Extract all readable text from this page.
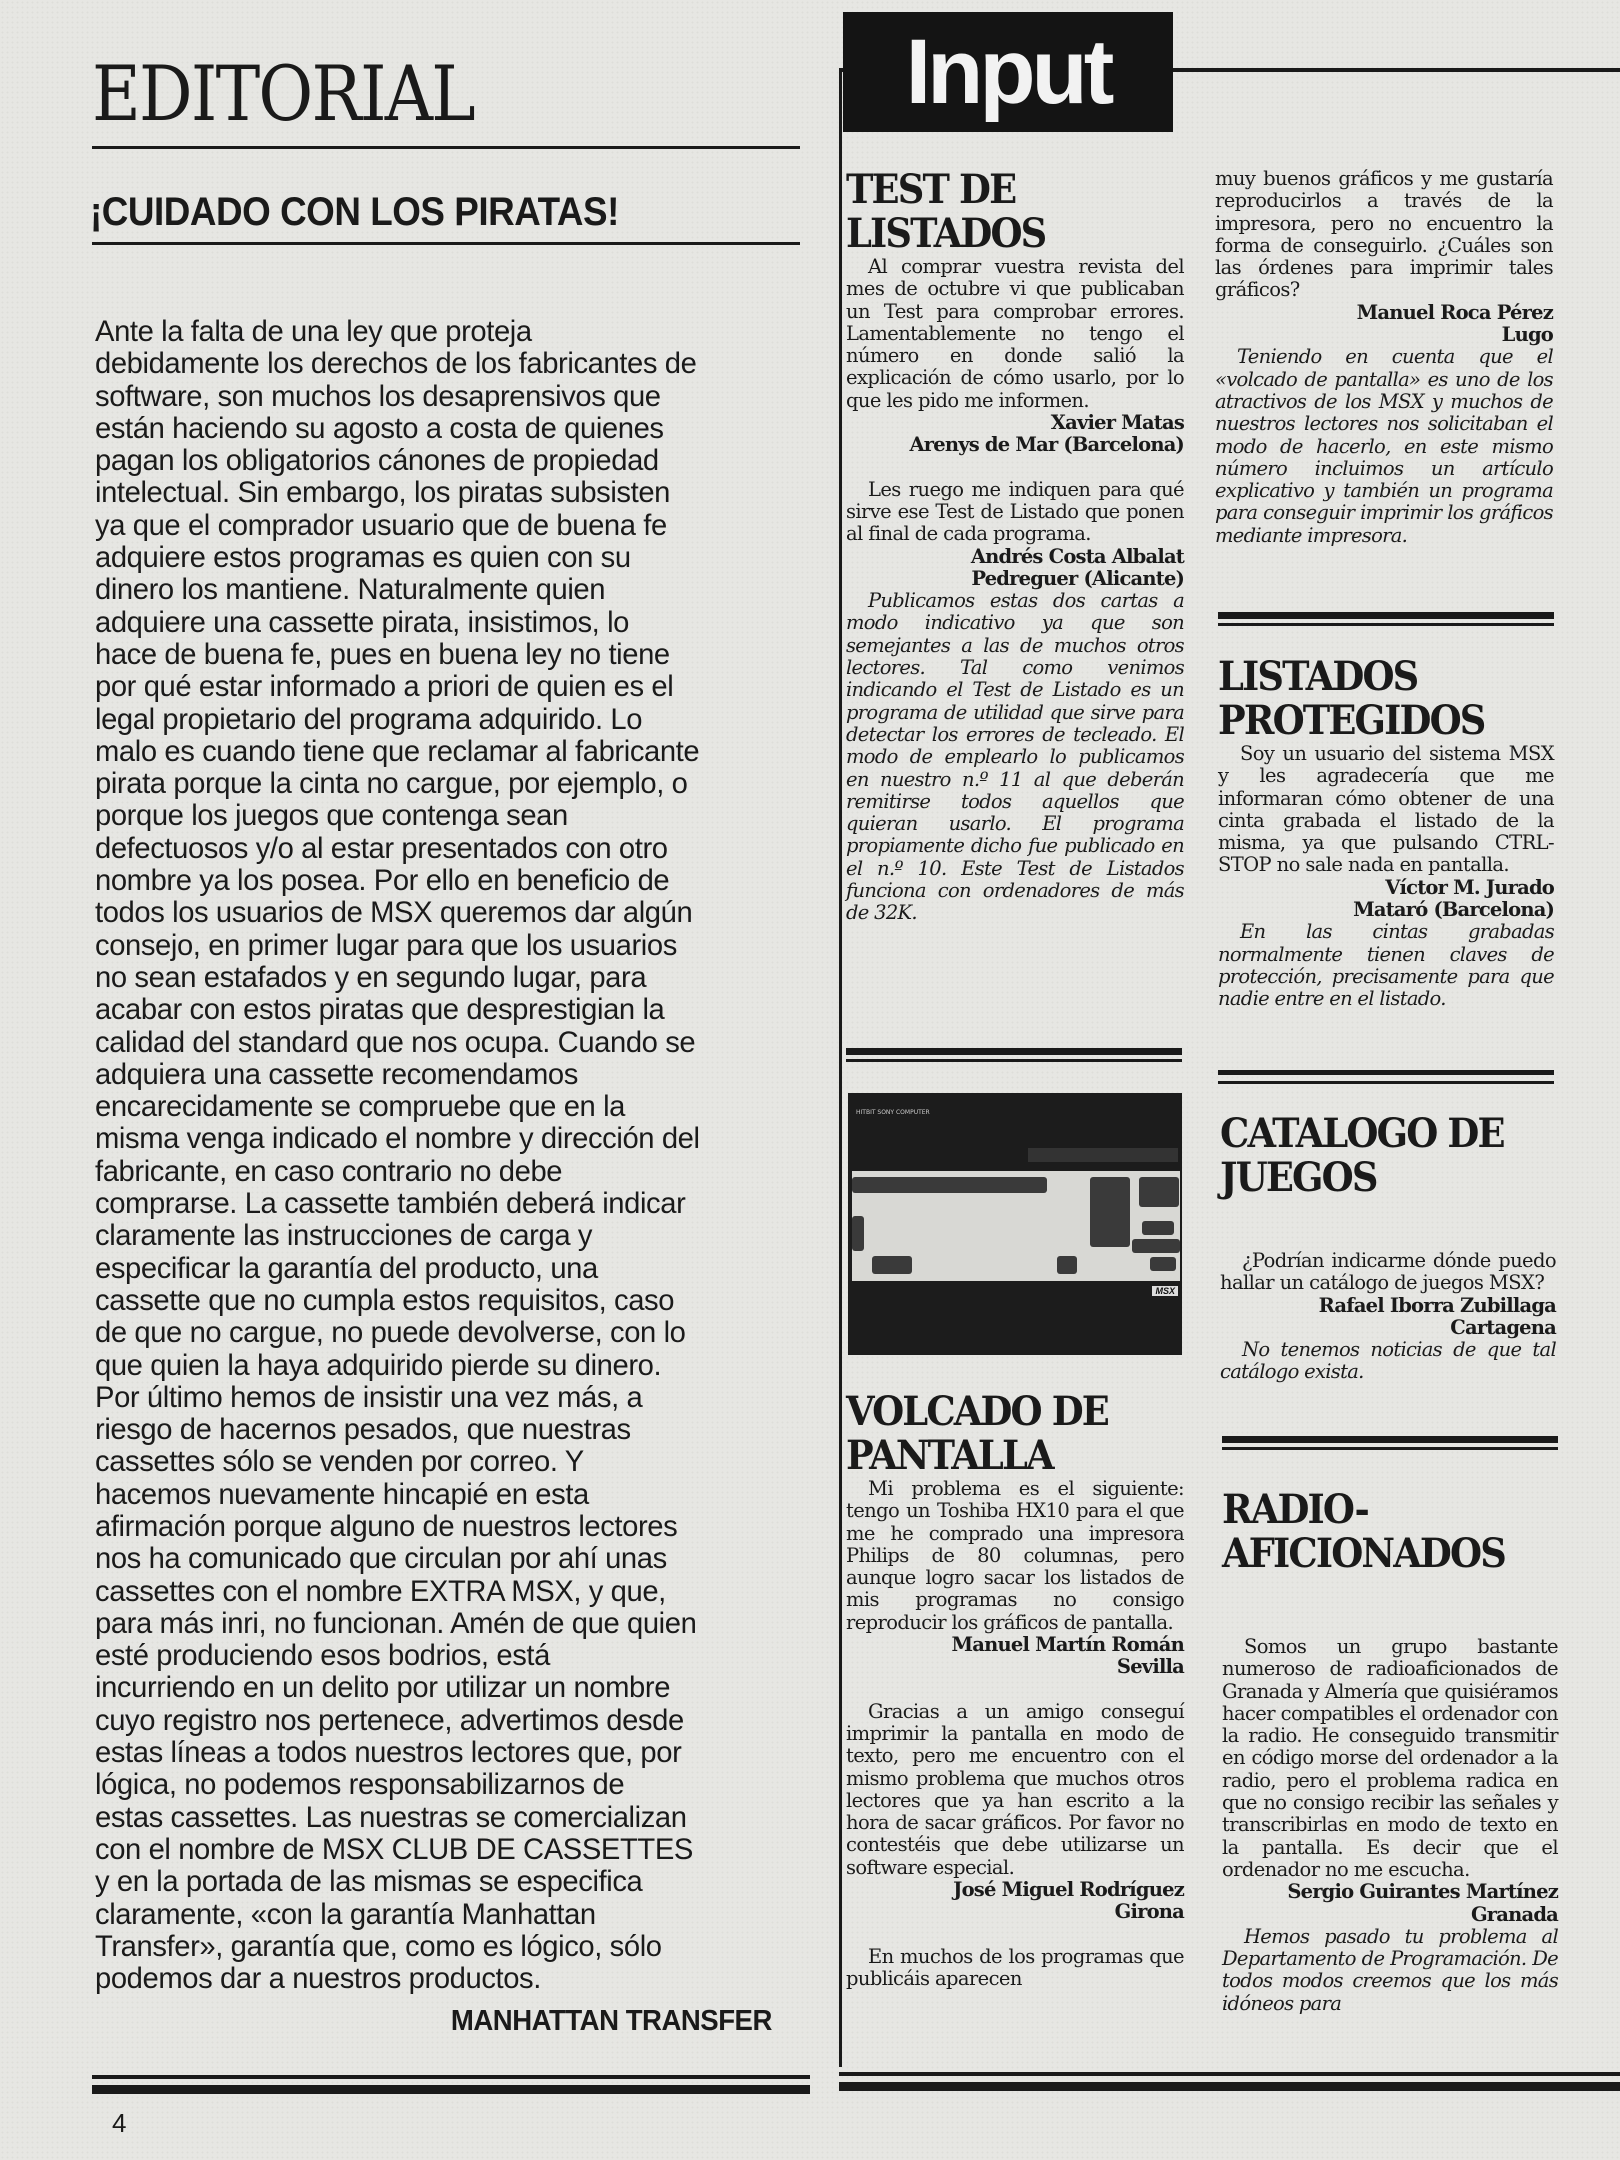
EDITORIAL
¡CUIDADO CON LOS PIRATAS!
Ante la falta de una ley que proteja
debidamente los derechos de los fabricantes de
software, son muchos los desaprensivos que
están haciendo su agosto a costa de quienes
pagan los obligatorios cánones de propiedad
intelectual. Sin embargo, los piratas subsisten
ya que el comprador usuario que de buena fe
adquiere estos programas es quien con su
dinero los mantiene. Naturalmente quien
adquiere una cassette pirata, insistimos, lo
hace de buena fe, pues en buena ley no tiene
por qué estar informado a priori de quien es el
legal propietario del programa adquirido. Lo
malo es cuando tiene que reclamar al fabricante
pirata porque la cinta no cargue, por ejemplo, o
porque los juegos que contenga sean
defectuosos y/o al estar presentados con otro
nombre ya los posea. Por ello en beneficio de
todos los usuarios de MSX queremos dar algún
consejo, en primer lugar para que los usuarios
no sean estafados y en segundo lugar, para
acabar con estos piratas que desprestigian la
calidad del standard que nos ocupa. Cuando se
adquiera una cassette recomendamos
encarecidamente se compruebe que en la
misma venga indicado el nombre y dirección del
fabricante, en caso contrario no debe
comprarse. La cassette también deberá indicar
claramente las instrucciones de carga y
especificar la garantía del producto, una
cassette que no cumpla estos requisitos, caso
de que no cargue, no puede devolverse, con lo
que quien la haya adquirido pierde su dinero.
Por último hemos de insistir una vez más, a
riesgo de hacernos pesados, que nuestras
cassettes sólo se venden por correo. Y
hacemos nuevamente hincapié en esta
afirmación porque alguno de nuestros lectores
nos ha comunicado que circulan por ahí unas
cassettes con el nombre EXTRA MSX, y que,
para más inri, no funcionan. Amén de que quien
esté produciendo esos bodrios, está
incurriendo en un delito por utilizar un nombre
cuyo registro nos pertenece, advertimos desde
estas líneas a todos nuestros lectores que, por
lógica, no podemos responsabilizarnos de
estas cassettes. Las nuestras se comercializan
con el nombre de MSX CLUB DE CASSETTES
y en la portada de las mismas se especifica
claramente, «con la garantía Manhattan
Transfer», garantía que, como es lógico, sólo
podemos dar a nuestros productos.
MANHATTAN TRANSFER
4
Input
TEST DE
LISTADOS

Al comprar vuestra revista del mes de octubre vi que publicaban un Test para comprobar errores. Lamentablemente no tengo el número en donde salió la explicación de cómo usarlo, por lo que les pido me informen.

Xavier Matas
Arenys de Mar (Barcelona)

Les ruego me indiquen para qué sirve ese Test de Listado que ponen al final de cada programa.

Andrés Costa Albalat
Pedreguer (Alicante)

Publicamos estas dos cartas a modo indicativo ya que son semejantes a las de muchos otros lectores. Tal como venimos indicando el Test de Listado es un programa de utilidad que sirve para detectar los errores de tecleado. El modo de emplearlo lo publicamos en nuestro n.º 11 al que deberán remitirse todos aquellos que quieran usarlo. El programa propiamente dicho fue publicado en el n.º 10. Este Test de Listados funciona con ordenadores de más de 32K.

HITBIT SONY COMPUTER
MSX
VOLCADO DE
PANTALLA

Mi problema es el siguiente: tengo un Toshiba HX10 para el que me he comprado una impresora Philips de 80 columnas, pero aunque logro sacar los listados de mis programas no consigo reproducir los gráficos de pantalla.

Manuel Martín Román
Sevilla

Gracias a un amigo conseguí imprimir la pantalla en modo de texto, pero me encuentro con el mismo problema que muchos otros lectores que ya han escrito a la hora de sacar gráficos. Por favor no contestéis que debe utilizarse un software especial.

José Miguel Rodríguez
Girona

En muchos de los programas que publicáis aparecen

muy buenos gráficos y me gustaría reproducirlos a través de la impresora, pero no encuentro la forma de conseguirlo. ¿Cuáles son las órdenes para imprimir tales gráficos?

Manuel Roca Pérez
Lugo

Teniendo en cuenta que el «volcado de pantalla» es uno de los atractivos de los MSX y muchos de nuestros lectores nos solicitaban el modo de hacerlo, en este mismo número incluimos un artículo explicativo y también un programa para conseguir imprimir los gráficos mediante impresora.

LISTADOS
PROTEGIDOS

Soy un usuario del sistema MSX y les agradecería que me informaran cómo obtener de una cinta grabada el listado de la misma, ya que pulsando CTRL-STOP no sale nada en pantalla.

Víctor M. Jurado
Mataró (Barcelona)

En las cintas grabadas normalmente tienen claves de protección, precisamente para que nadie entre en el listado.

CATALOGO DE
JUEGOS

¿Podrían indicarme dónde puedo hallar un catálogo de juegos MSX?

Rafael Iborra Zubillaga
Cartagena

No tenemos noticias de que tal catálogo exista.

RADIO-
AFICIONADOS

Somos un grupo bastante numeroso de radioaficionados de Granada y Almería que quisiéramos hacer compatibles el ordenador con la radio. He conseguido transmitir en código morse del ordenador a la radio, pero el problema radica en que no consigo recibir las señales y transcribirlas en modo de texto en la pantalla. Es decir que el ordenador no me escucha.

Sergio Guirantes Martínez
Granada

Hemos pasado tu problema al Departamento de Programación. De todos modos creemos que los más idóneos para
